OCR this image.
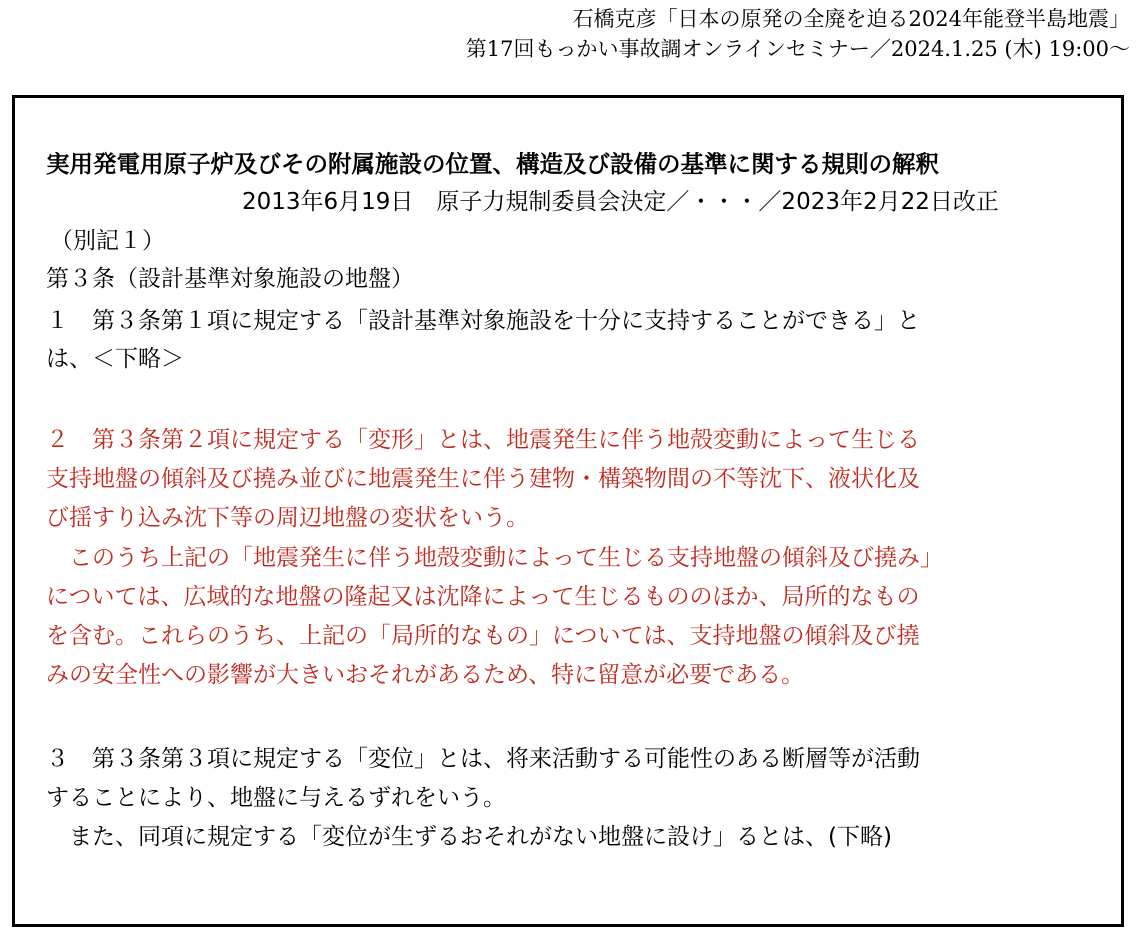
石橋克彦「日本の原発の全廃を迫る2024年能登半島地震」
第17回もっかい事故調オンラインセミナー／2024.1.25 (木) 19:00〜
実用発電用原子炉及びその附属施設の位置、構造及び設備の基準に関する規則の解釈
2013年6月19日　原子力規制委員会決定／・・・／2023年2月22日改正
（別記１）
第３条（設計基準対象施設の地盤）
１　第３条第１項に規定する「設計基準対象施設を十分に支持することができる」と
は、＜下略＞
２　第３条第２項に規定する「変形」とは、地震発生に伴う地殻変動によって生じる
支持地盤の傾斜及び撓み並びに地震発生に伴う建物・構築物間の不等沈下、液状化及
び揺すり込み沈下等の周辺地盤の変状をいう。
　このうち上記の「地震発生に伴う地殻変動によって生じる支持地盤の傾斜及び撓み」
については、広域的な地盤の隆起又は沈降によって生じるもののほか、局所的なもの
を含む。これらのうち、上記の「局所的なもの」については、支持地盤の傾斜及び撓
みの安全性への影響が大きいおそれがあるため、特に留意が必要である。
３　第３条第３項に規定する「変位」とは、将来活動する可能性のある断層等が活動
することにより、地盤に与えるずれをいう。
　また、同項に規定する「変位が生ずるおそれがない地盤に設け」るとは、(下略)
